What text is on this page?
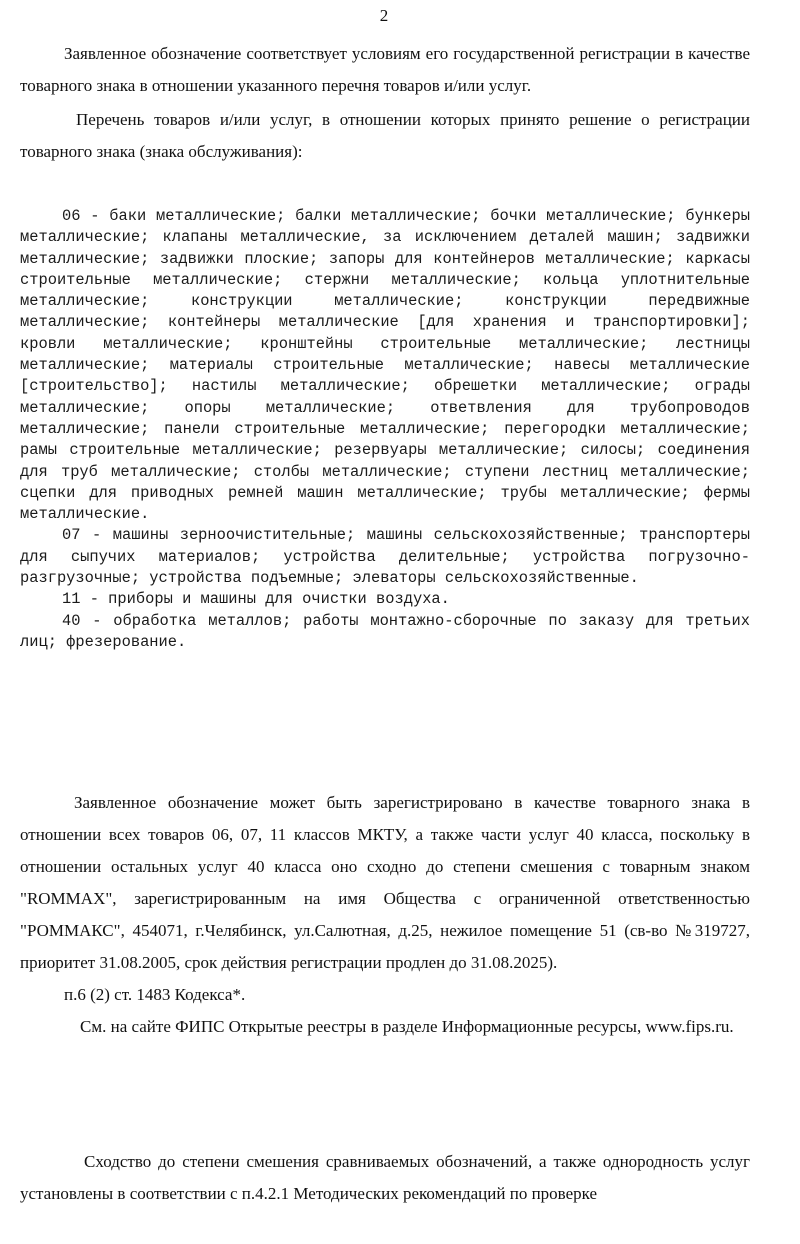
2

Заявленное обозначение соответствует условиям его государственной регистрации в качестве товарного знака в отношении указанного перечня товаров и/или услуг.

Перечень товаров и/или услуг, в отношении которых принято решение о регистрации товарного знака (знака обслуживания):

06 - баки металлические; балки металлические; бочки металлические; бункеры металлические; клапаны металлические, за исключением деталей машин; задвижки металлические; задвижки плоские; запоры для контейнеров металлические; каркасы строительные металлические; стержни металлические; кольца уплотнительные металлические; конструкции металлические; конструкции передвижные металлические; контейнеры металлические [для хранения и транспортировки]; кровли металлические; кронштейны строительные металлические; лестницы металлические; материалы строительные металлические; навесы металлические [строительство]; настилы металлические; обрешетки металлические; ограды металлические; опоры металлические; ответвления для трубопроводов металлические; панели строительные металлические; перегородки металлические; рамы строительные металлические; резервуары металлические; силосы; соединения для труб металлические; столбы металлические; ступени лестниц металлические; сцепки для приводных ремней машин металлические; трубы металлические; фермы металлические.

07 - машины зерноочистительные; машины сельскохозяйственные; транспортеры для сыпучих материалов; устройства делительные; устройства погрузочно-разгрузочные; устройства подъемные; элеваторы сельскохозяйственные.

11 - приборы и машины для очистки воздуха.

40 - обработка металлов; работы монтажно-сборочные по заказу для третьих лиц; фрезерование.

Заявленное обозначение может быть зарегистрировано в качестве товарного знака в отношении всех товаров 06, 07, 11 классов МКТУ, а также части услуг 40 класса, поскольку в отношении остальных услуг 40 класса оно сходно до степени смешения с товарным знаком "ROMMAX", зарегистрированным на имя Общества с ограниченной ответственностью "РОММАКС", 454071, г.Челябинск, ул.Салютная, д.25, нежилое помещение 51 (св-во №319727, приоритет 31.08.2005, срок действия регистрации продлен до 31.08.2025).

п.6 (2) ст. 1483 Кодекса*.

См. на сайте ФИПС Открытые реестры в разделе Информационные ресурсы, www.fips.ru.

Сходство до степени смешения сравниваемых обозначений, а также однородность услуг установлены в соответствии с п.4.2.1 Методических рекомендаций по проверке
